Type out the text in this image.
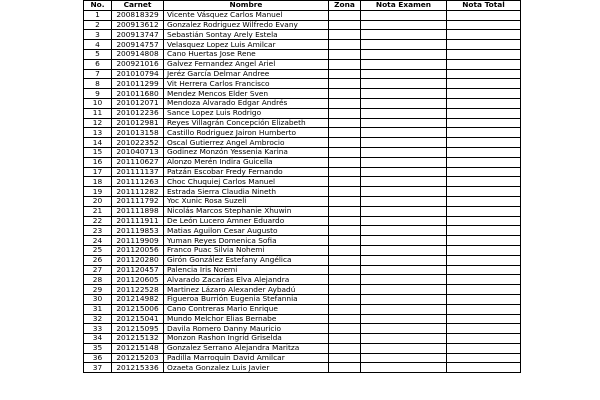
No.	Carnet	Nombre	Zona	Nota Examen	Nota Total
1	200818329	Vicente Vásquez Carlos Manuel			
2	200913612	Gonzalez Rodriguez Wilfredo Evany			
3	200913747	Sebastián Sontay Arely Estela			
4	200914757	Velasquez Lopez Luis Amilcar			
5	200914808	Cano Huertas Jose Rene			
6	200921016	Galvez Fernandez Angel Ariel			
7	201010794	Jeréz García Delmar Andree			
8	201011299	Vit Herrera Carlos Francisco			
9	201011680	Mendez Mencos Elder Sven			
10	201012071	Mendoza Alvarado Edgar Andrés			
11	201012236	Sance Lopez Luis Rodrigo			
12	201012981	Reyes Villagrán Concepción Elizabeth			
13	201013158	Castillo Rodriguez Jairon Humberto			
14	201022352	Oscal Gutierrez Angel Ambrocio			
15	201040713	Godinez Monzón Yessenia Karina			
16	201110627	Alonzo Merén Indira Guicella			
17	201111137	Patzán Escobar Fredy Fernando			
18	201111263	Choc Chuquiej Carlos Manuel			
19	201111282	Estrada Sierra Claudia Nineth			
20	201111792	Yoc Xunic Rosa Suzeli			
21	201111898	Nicolás Marcos Stephanie Xhuwin			
22	201111911	De León Lucero Amner Eduardo			
23	201119853	Matias Aguilon Cesar Augusto			
24	201119909	Yuman Reyes Domenica Sofia			
25	201120056	Franco Puac Silvia Nohemi			
26	201120280	Girón González Estefany Angélica			
27	201120457	Palencia Iris Noemi			
28	201120605	Alvarado Zacarías Elva Alejandra			
29	201122528	Martinez Lázaro Alexander Aybadú			
30	201214982	Figueroa Burrión Eugenia Stefannia			
31	201215006	Cano Contreras Mario Enrique			
32	201215041	Mundo Melchor Elias Bernabe			
33	201215095	Davila Romero Danny Mauricio			
34	201215132	Monzon Rashon Ingrid Griselda			
35	201215148	Gonzalez Serrano Alejandra Maritza			
36	201215203	Padilla Marroquin David Amilcar			
37	201215336	Ozaeta Gonzalez Luis Javier			
